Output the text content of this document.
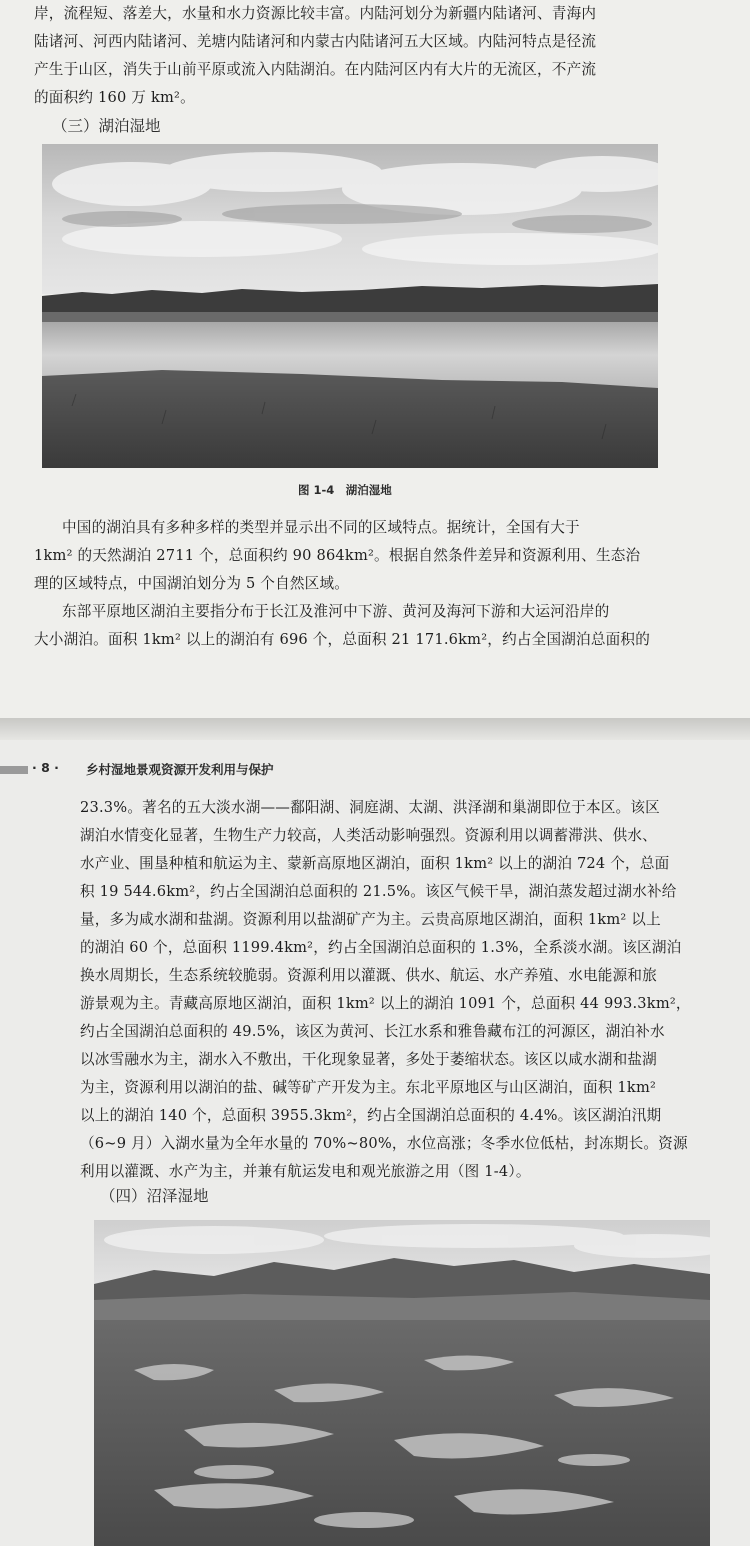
岸，流程短、落差大，水量和水力资源比较丰富。内陆河划分为新疆内陆诸河、青海内

陆诸河、河西内陆诸河、羌塘内陆诸河和内蒙古内陆诸河五大区域。内陆河特点是径流

产生于山区，消失于山前平原或流入内陆湖泊。在内陆河区内有大片的无流区，不产流

的面积约 160 万 km²。

（三）湖泊湿地

图 1-4　湖泊湿地

中国的湖泊具有多种多样的类型并显示出不同的区域特点。据统计，全国有大于

1km² 的天然湖泊 2711 个，总面积约 90 864km²。根据自然条件差异和资源利用、生态治

理的区域特点，中国湖泊划分为 5 个自然区域。

东部平原地区湖泊主要指分布于长江及淮河中下游、黄河及海河下游和大运河沿岸的

大小湖泊。面积 1km² 以上的湖泊有 696 个，总面积 21 171.6km²，约占全国湖泊总面积的

· 8 · 乡村湿地景观资源开发利用与保护

23.3%。著名的五大淡水湖——鄱阳湖、洞庭湖、太湖、洪泽湖和巢湖即位于本区。该区

湖泊水情变化显著，生物生产力较高，人类活动影响强烈。资源利用以调蓄滞洪、供水、

水产业、围垦种植和航运为主、蒙新高原地区湖泊，面积 1km² 以上的湖泊 724 个，总面

积 19 544.6km²，约占全国湖泊总面积的 21.5%。该区气候干旱，湖泊蒸发超过湖水补给

量，多为咸水湖和盐湖。资源利用以盐湖矿产为主。云贵高原地区湖泊，面积 1km² 以上

的湖泊 60 个，总面积 1199.4km²，约占全国湖泊总面积的 1.3%，全系淡水湖。该区湖泊

换水周期长，生态系统较脆弱。资源利用以灌溉、供水、航运、水产养殖、水电能源和旅

游景观为主。青藏高原地区湖泊，面积 1km² 以上的湖泊 1091 个，总面积 44 993.3km²，

约占全国湖泊总面积的 49.5%，该区为黄河、长江水系和雅鲁藏布江的河源区，湖泊补水

以冰雪融水为主，湖水入不敷出，干化现象显著，多处于萎缩状态。该区以咸水湖和盐湖

为主，资源利用以湖泊的盐、碱等矿产开发为主。东北平原地区与山区湖泊，面积 1km²

以上的湖泊 140 个，总面积 3955.3km²，约占全国湖泊总面积的 4.4%。该区湖泊汛期

（6~9 月）入湖水量为全年水量的 70%~80%，水位高涨；冬季水位低枯，封冻期长。资源

利用以灌溉、水产为主，并兼有航运发电和观光旅游之用（图 1-4）。

（四）沼泽湿地
